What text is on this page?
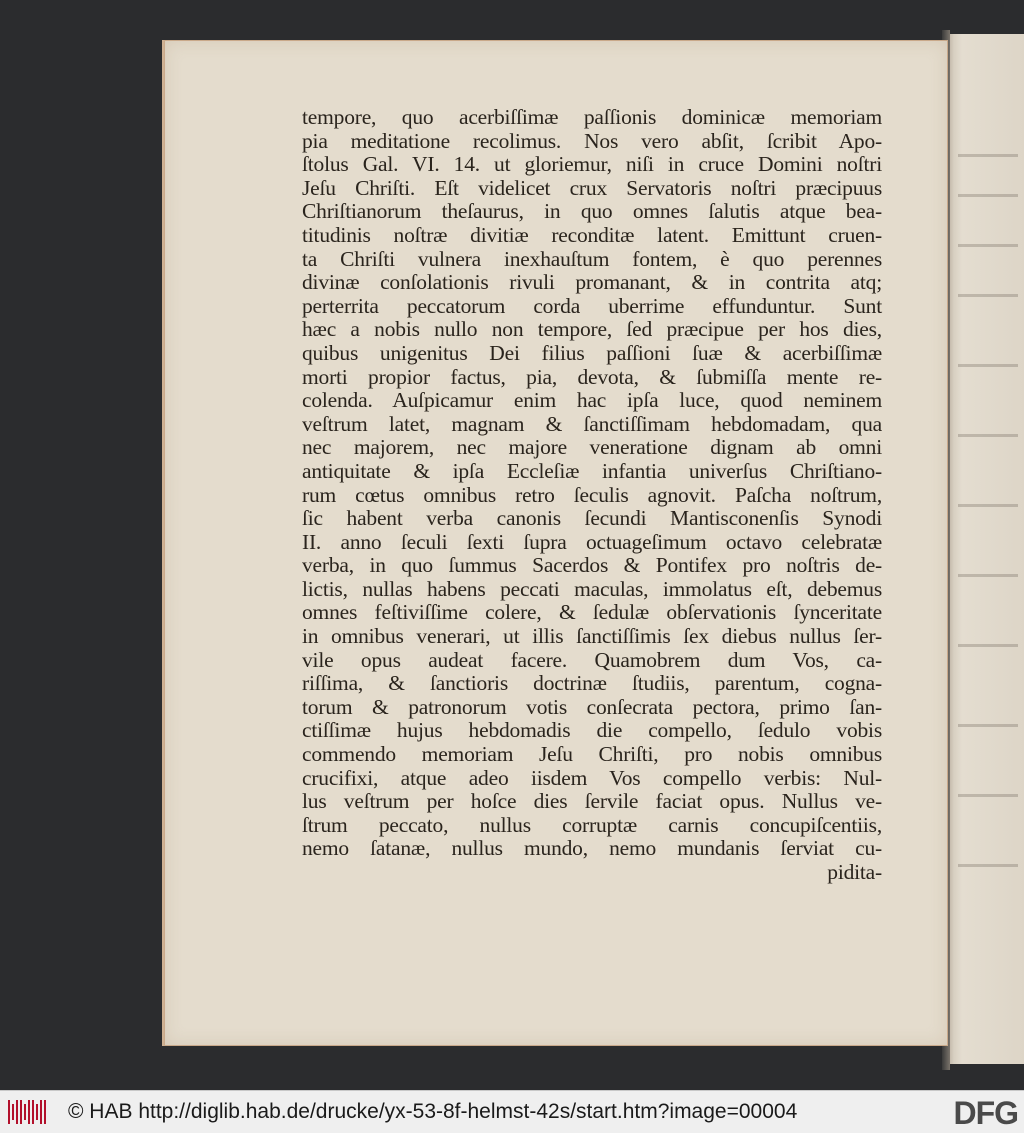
tempore, quo acerbiſſimæ paſſionis dominicæ memoriam
pia meditatione recolimus. Nos vero abſit, ſcribit Apo-
ſtolus Gal. VI. 14. ut gloriemur, niſi in cruce Domini noſtri
Jeſu Chriſti. Eſt videlicet crux Servatoris noſtri præcipuus
Chriſtianorum theſaurus, in quo omnes ſalutis atque bea-
titudinis noſtræ divitiæ reconditæ latent. Emittunt cruen-
ta Chriſti vulnera inexhauſtum fontem, è quo perennes
divinæ conſolationis rivuli promanant, & in contrita atq;
perterrita peccatorum corda uberrime effunduntur. Sunt
hæc a nobis nullo non tempore, ſed præcipue per hos dies,
quibus unigenitus Dei filius paſſioni ſuæ & acerbiſſimæ
morti propior factus, pia, devota, & ſubmiſſa mente re-
colenda. Auſpicamur enim hac ipſa luce, quod neminem
veſtrum latet, magnam & ſanctiſſimam hebdomadam, qua
nec majorem, nec majore veneratione dignam ab omni
antiquitate & ipſa Eccleſiæ infantia univerſus Chriſtiano-
rum cœtus omnibus retro ſeculis agnovit. Paſcha noſtrum,
ſic habent verba canonis ſecundi Mantisconenſis Synodi
II. anno ſeculi ſexti ſupra octuageſimum octavo celebratæ
verba, in quo ſummus Sacerdos & Pontifex pro noſtris de-
lictis, nullas habens peccati maculas, immolatus eſt, debemus
omnes feſtiviſſime colere, & ſedulæ obſervationis ſynceritate
in omnibus venerari, ut illis ſanctiſſimis ſex diebus nullus ſer-
vile opus audeat facere. Quamobrem dum Vos, ca-
riſſima, & ſanctioris doctrinæ ſtudiis, parentum, cogna-
torum & patronorum votis conſecrata pectora, primo ſan-
ctiſſimæ hujus hebdomadis die compello, ſedulo vobis
commendo memoriam Jeſu Chriſti, pro nobis omnibus
crucifixi, atque adeo iisdem Vos compello verbis: Nul-
lus veſtrum per hoſce dies ſervile faciat opus. Nullus ve-
ſtrum peccato, nullus corruptæ carnis concupiſcentiis,
nemo ſatanæ, nullus mundo, nemo mundanis ſerviat cu-
pidita-
© HAB http://diglib.hab.de/drucke/yx-53-8f-helmst-42s/start.htm?image=00004	DFG
